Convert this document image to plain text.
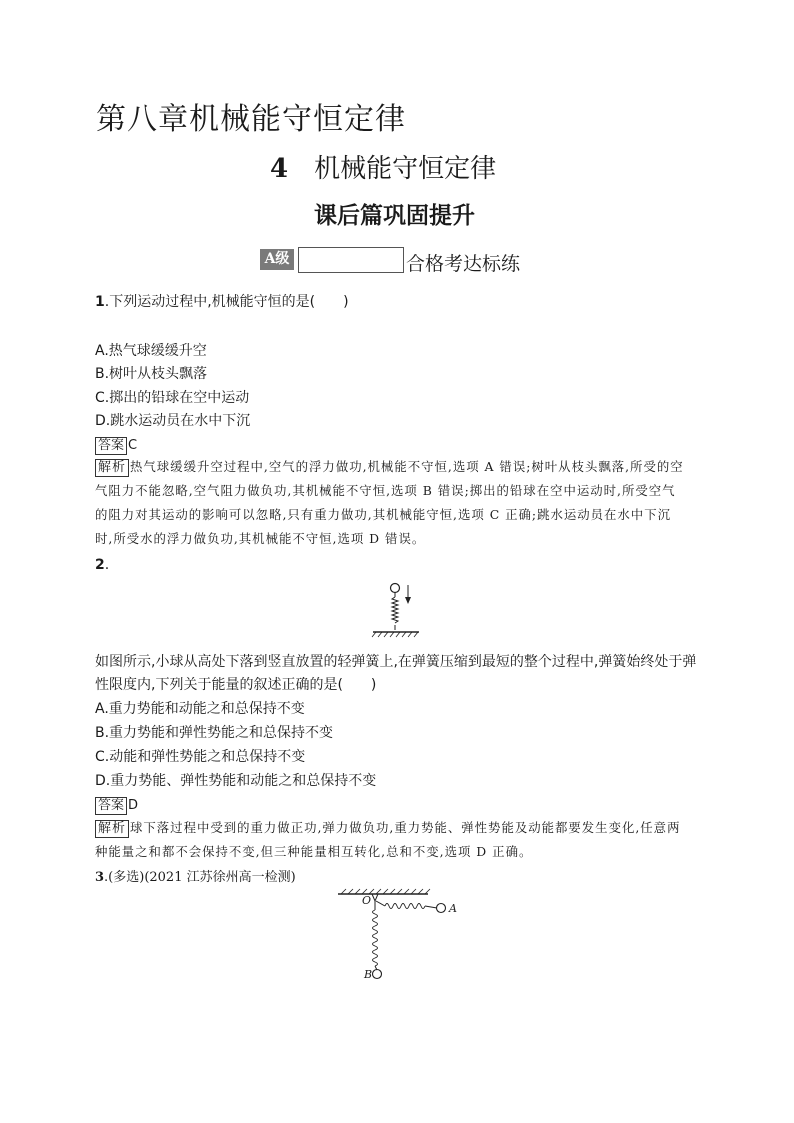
第八章机械能守恒定律
4 机械能守恒定律
课后篇巩固提升
A级	合格考达标练
1.下列运动过程中,机械能守恒的是(　　)
A.热气球缓缓升空
B.树叶从枝头飘落
C.掷出的铅球在空中运动
D.跳水运动员在水中下沉
答案 C
解析 热气球缓缓升空过程中,空气的浮力做功,机械能不守恒,选项 A 错误;树叶从枝头飘落,所受的空
气阻力不能忽略,空气阻力做负功,其机械能不守恒,选项 B 错误;掷出的铅球在空中运动时,所受空气
的阻力对其运动的影响可以忽略,只有重力做功,其机械能守恒,选项 C 正确;跳水运动员在水中下沉
时,所受水的浮力做负功,其机械能不守恒,选项 D 错误。
2.
如图所示,小球从高处下落到竖直放置的轻弹簧上,在弹簧压缩到最短的整个过程中,弹簧始终处于弹
性限度内,下列关于能量的叙述正确的是(　　)
A.重力势能和动能之和总保持不变
B.重力势能和弹性势能之和总保持不变
C.动能和弹性势能之和总保持不变
D.重力势能、弹性势能和动能之和总保持不变
答案 D
解析 球下落过程中受到的重力做正功,弹力做负功,重力势能、弹性势能及动能都要发生变化,任意两
种能量之和都不会保持不变,但三种能量相互转化,总和不变,选项 D 正确。
3.(多选)(2021 江苏徐州高一检测)
O
A
B
